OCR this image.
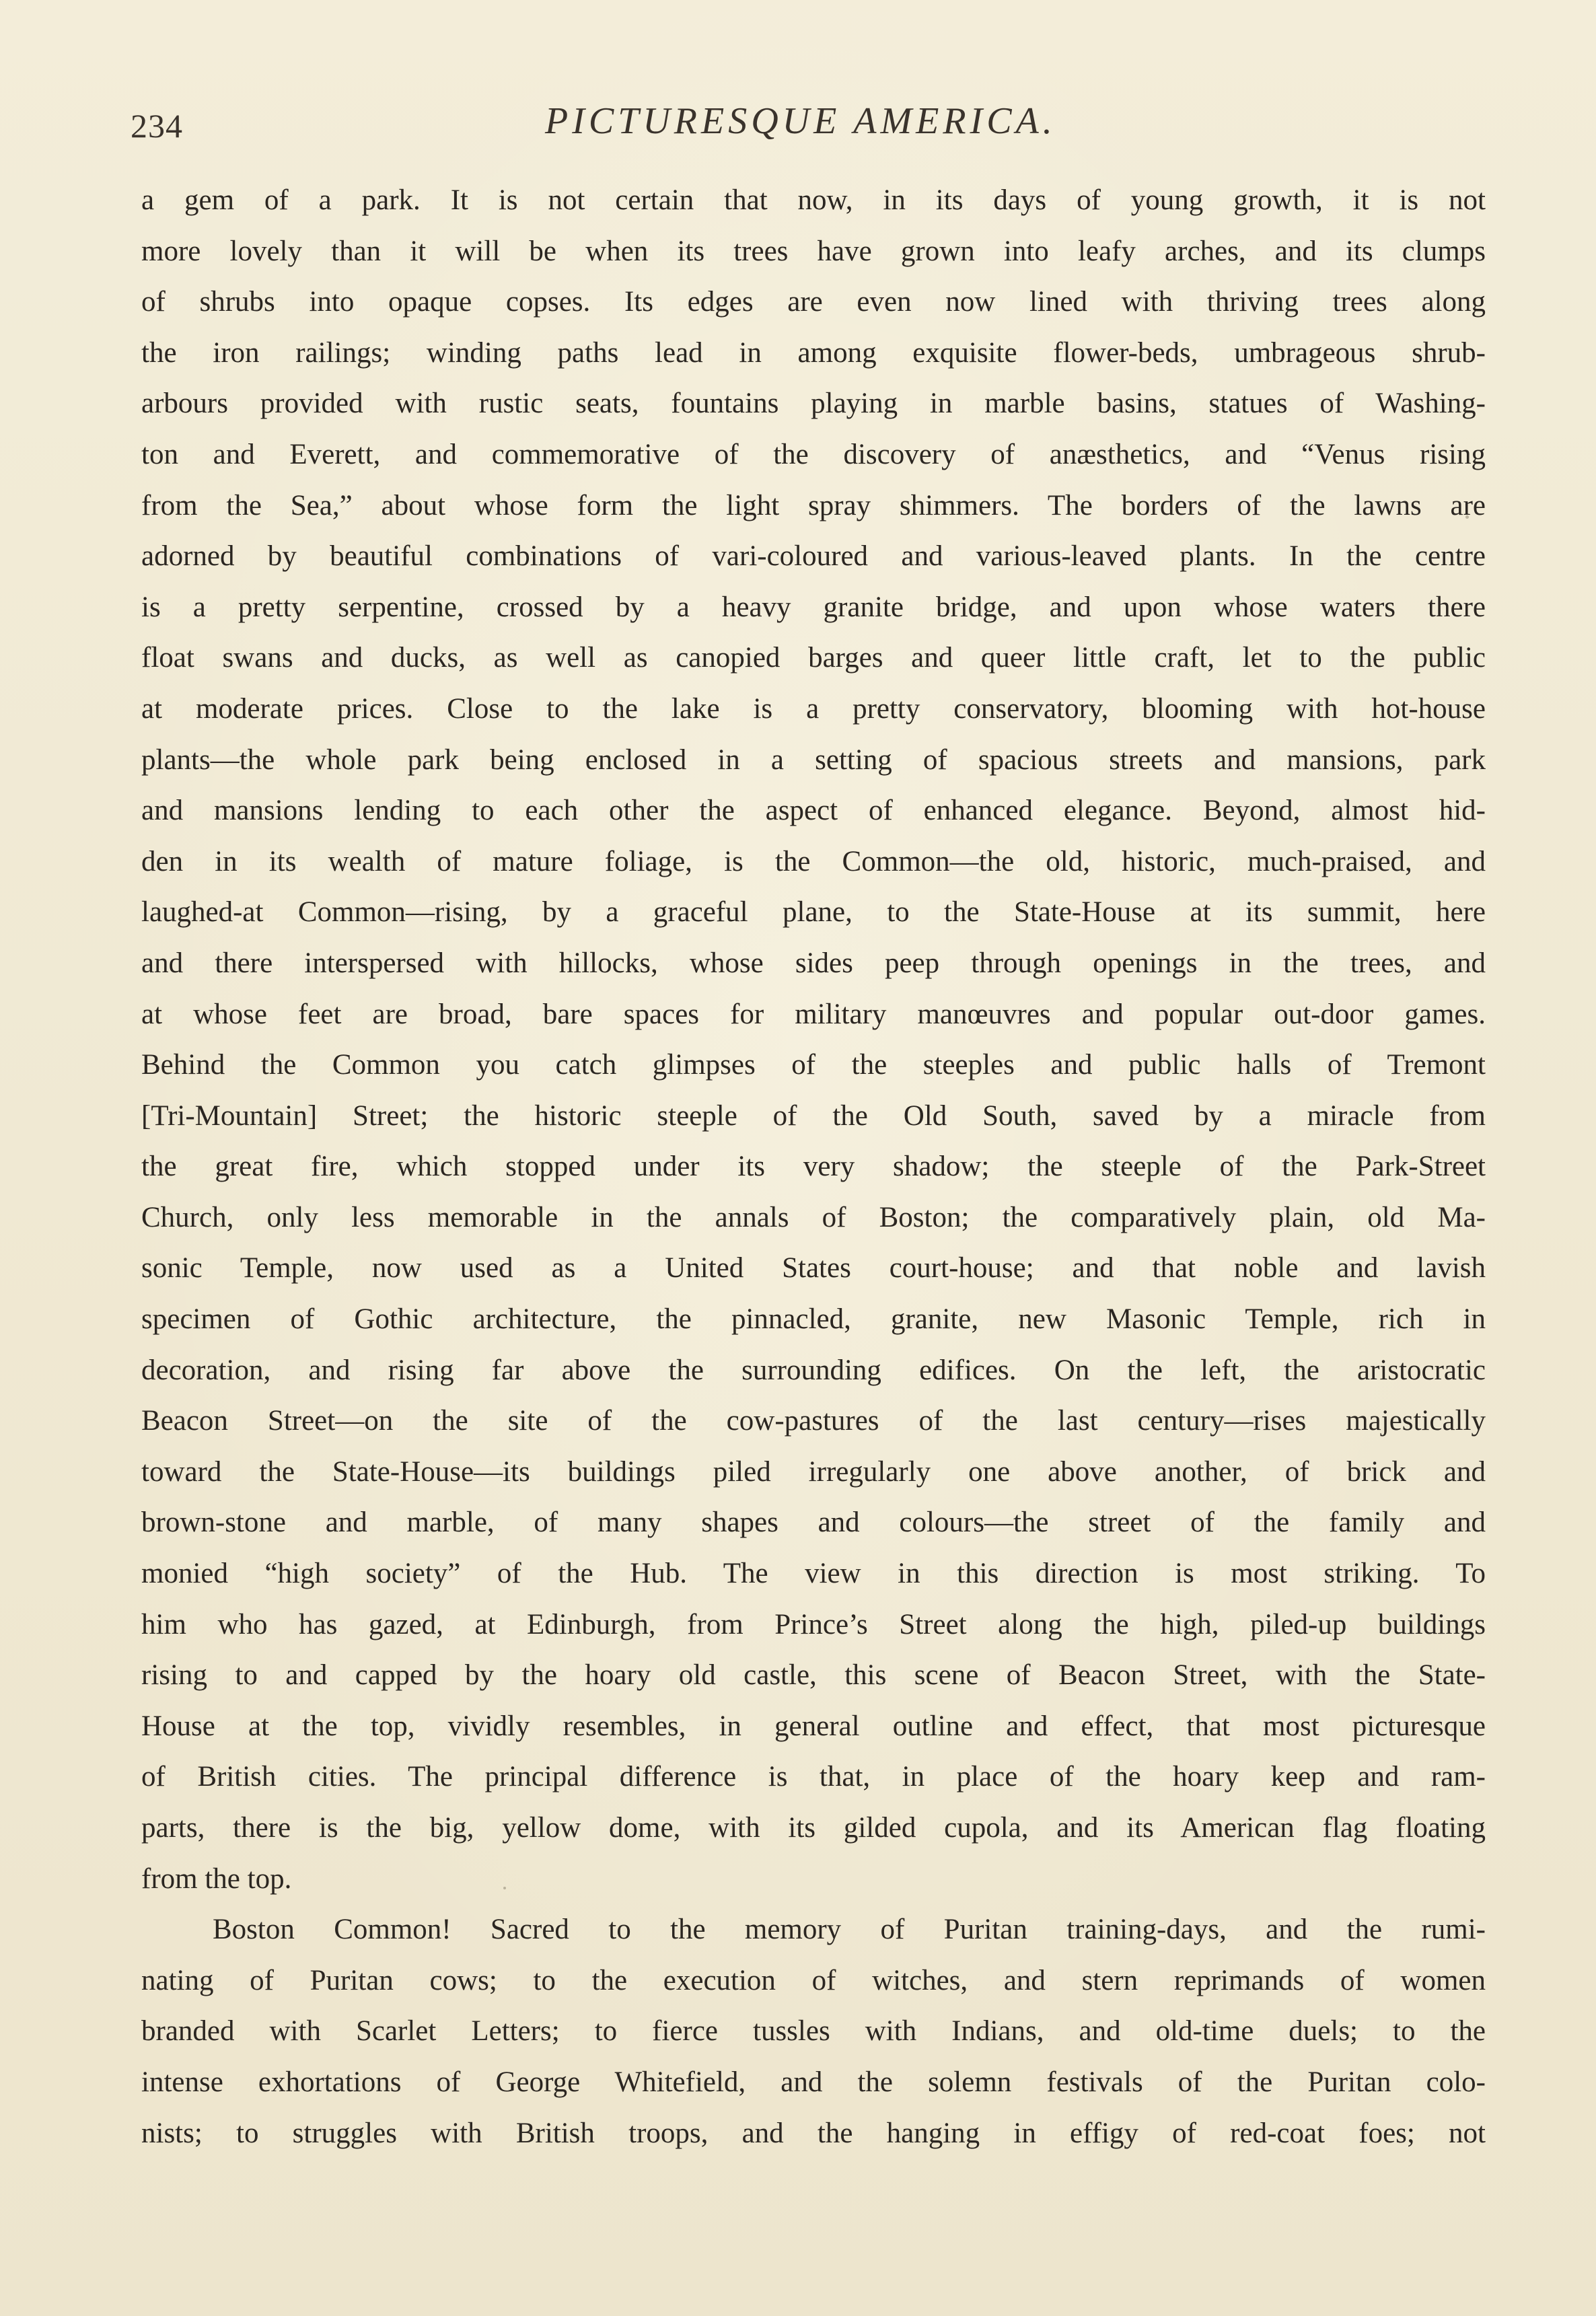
234	PICTURESQUE AMERICA.
a gem of a park. It is not certain that now, in its days of young growth, it is not
more lovely than it will be when its trees have grown into leafy arches, and its clumps
of shrubs into opaque copses. Its edges are even now lined with thriving trees along
the iron railings; winding paths lead in among exquisite flower-beds, umbrageous shrub-
arbours provided with rustic seats, fountains playing in marble basins, statues of Washing-
ton and Everett, and commemorative of the discovery of anæsthetics, and “Venus rising
from the Sea,” about whose form the light spray shimmers. The borders of the lawns are
adorned by beautiful combinations of vari-coloured and various-leaved plants. In the centre
is a pretty serpentine, crossed by a heavy granite bridge, and upon whose waters there
float swans and ducks, as well as canopied barges and queer little craft, let to the public
at moderate prices. Close to the lake is a pretty conservatory, blooming with hot-house
plants—the whole park being enclosed in a setting of spacious streets and mansions, park
and mansions lending to each other the aspect of enhanced elegance. Beyond, almost hid-
den in its wealth of mature foliage, is the Common—the old, historic, much-praised, and
laughed-at Common—rising, by a graceful plane, to the State-House at its summit, here
and there interspersed with hillocks, whose sides peep through openings in the trees, and
at whose feet are broad, bare spaces for military manœuvres and popular out-door games.
Behind the Common you catch glimpses of the steeples and public halls of Tremont
[Tri-Mountain] Street; the historic steeple of the Old South, saved by a miracle from
the great fire, which stopped under its very shadow; the steeple of the Park-Street
Church, only less memorable in the annals of Boston; the comparatively plain, old Ma-
sonic Temple, now used as a United States court-house; and that noble and lavish
specimen of Gothic architecture, the pinnacled, granite, new Masonic Temple, rich in
decoration, and rising far above the surrounding edifices. On the left, the aristocratic
Beacon Street—on the site of the cow-pastures of the last century—rises majestically
toward the State-House—its buildings piled irregularly one above another, of brick and
brown-stone and marble, of many shapes and colours—the street of the family and
monied “high society” of the Hub. The view in this direction is most striking. To
him who has gazed, at Edinburgh, from Prince’s Street along the high, piled-up buildings
rising to and capped by the hoary old castle, this scene of Beacon Street, with the State-
House at the top, vividly resembles, in general outline and effect, that most picturesque
of British cities. The principal difference is that, in place of the hoary keep and ram-
parts, there is the big, yellow dome, with its gilded cupola, and its American flag floating
from the top.
Boston Common! Sacred to the memory of Puritan training-days, and the rumi-
nating of Puritan cows; to the execution of witches, and stern reprimands of women
branded with Scarlet Letters; to fierce tussles with Indians, and old-time duels; to the
intense exhortations of George Whitefield, and the solemn festivals of the Puritan colo-
nists; to struggles with British troops, and the hanging in effigy of red-coat foes; not
